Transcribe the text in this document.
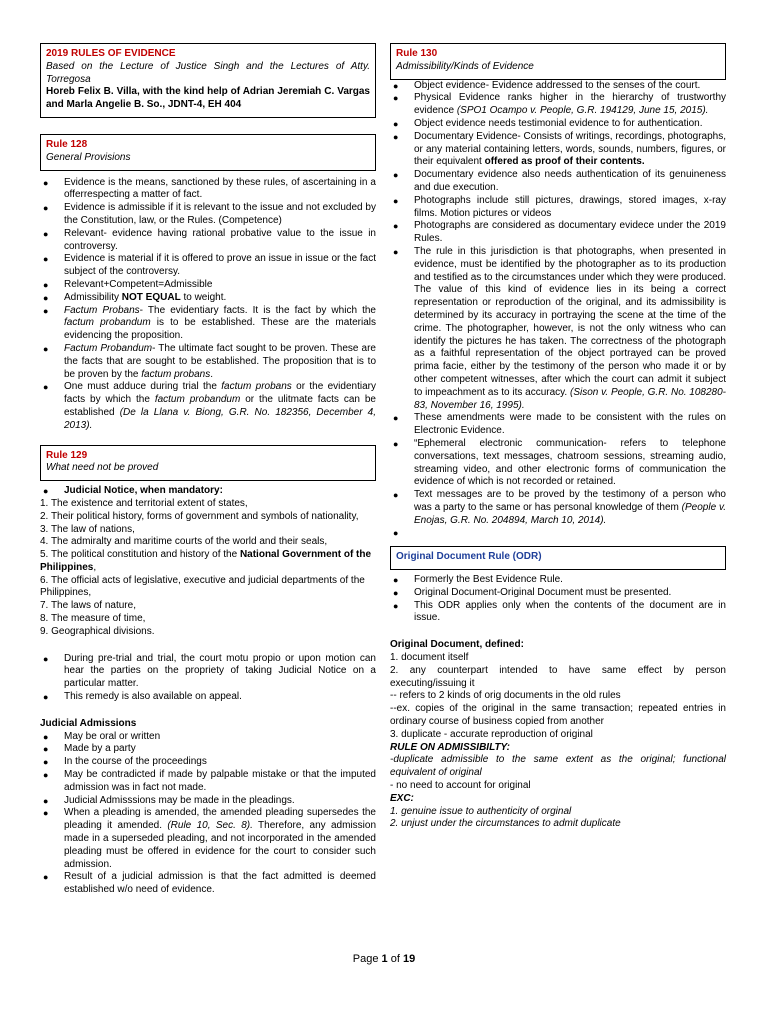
2019 RULES OF EVIDENCE

Based on the Lecture of Justice Singh and the Lectures of Atty. Torregosa

Horeb Felix B. Villa, with the kind help of Adrian Jeremiah C. Vargas and Marla Angelie B. So., JDNT-4, EH 404

Rule 128
General Provisions
● Evidence is the means, sanctioned by these rules, of ascertaining in a offerrespecting a matter of fact.
● Evidence is admissible if it is relevant to the issue and not excluded by the Constitution, law, or the Rules. (Competence)
● Relevant- evidence having rational probative value to the issue in controversy.
● Evidence is material if it is offered to prove an issue in issue or the fact subject of the controversy.
● Relevant+Competent=Admissible
● Admissibility NOT EQUAL to weight.
● Factum Probans- The evidentiary facts. It is the fact by which the factum probandum is to be established. These are the materials evidencing the proposition.
● Factum Probandum- The ultimate fact sought to be proven. These are the facts that are sought to be established. The proposition that is to be proven by the factum probans.
● One must adduce during trial the factum probans or the evidentiary facts by which the factum probandum or the ulitmate facts can be established (De la Llana v. Biong, G.R. No. 182356, December 4, 2013).
Rule 129
What need not be proved
● Judicial Notice, when mandatory:

1. The existence and territorial extent of states,

2. Their political history, forms of government and symbols of nationality,

3. The law of nations,

4. The admiralty and maritime courts of the world and their seals,

5. The political constitution and history of the National Government of the Philippines,

6. The official acts of legislative, executive and judicial departments of the Philippines,

7. The laws of nature,

8. The measure of time,

9. Geographical divisions.

● During pre-trial and trial, the court motu propio or upon motion can hear the parties on the propriety of taking Judicial Notice on a particular matter.
● This remedy is also available on appeal.
Judicial Admissions
● May be oral or written
● Made by a party
● In the course of the proceedings
● May be contradicted if made by palpable mistake or that the imputed admission was in fact not made.
● Judicial Admisssions may be made in the pleadings.
● When a pleading is amended, the amended pleading supersedes the pleading it amended. (Rule 10, Sec. 8). Therefore, any admission made in a superseded pleading, and not incorporated in the amended pleading must be offered in evidence for the court to consider such admission.
● Result of a judicial admission is that the fact admitted is deemed established w/o need of evidence.
Rule 130
Admissibility/Kinds of Evidence
● Object evidence- Evidence addressed to the senses of the court.
● Physical Evidence ranks higher in the hierarchy of trustworthy evidence (SPO1 Ocampo v. People, G.R. 194129, June 15, 2015).
● Object evidence needs testimonial evidence to for authentication.
● Documentary Evidence- Consists of writings, recordings, photographs, or any material containing letters, words, sounds, numbers, figures, or their equivalent offered as proof of their contents.
● Documentary evidence also needs authentication of its genuineness and due execution.
● Photographs include still pictures, drawings, stored images, x-ray films. Motion pictures or videos
● Photographs are considered as documentary evidece under the 2019 Rules.
● The rule in this jurisdiction is that photographs, when presented in evidence, must be identified by the photographer as to its production and testified as to the circumstances under which they were produced. The value of this kind of evidence lies in its being a correct representation or reproduction of the original, and its admissibility is determined by its accuracy in portraying the scene at the time of the crime. The photographer, however, is not the only witness who can identify the pictures he has taken. The correctness of the photograph as a faithful representation of the object portrayed can be proved prima facie, either by the testimony of the person who made it or by other competent witnesses, after which the court can admit it subject to impeachment as to its accuracy. (Sison v. People, G.R. No. 108280-83, November 16, 1995).
● These amendments were made to be consistent with the rules on Electronic Evidence.
● “Ephemeral electronic communication- refers to telephone conversations, text messages, chatroom sessions, streaming audio, streaming video, and other electronic forms of communication the evidence of which is not recorded or retained.
● Text messages are to be proved by the testimony of a person who was a party to the same or has personal knowledge of them (People v. Enojas, G.R. No. 204894, March 10, 2014).
●
Original Document Rule (ODR)
● Formerly the Best Evidence Rule.
● Original Document-Original Document must be presented.
● This ODR applies only when the contents of the document are in issue.

Original Document, defined:

1. document itself

2. any counterpart intended to have same effect by person executing/issuing it

-- refers to 2 kinds of orig documents in the old rules

--ex. copies of the original in the same transaction; repeated entries in ordinary course of business copied from another

3. duplicate - accurate reproduction of original

RULE ON ADMISSIBILTY:

-duplicate admissible to the same extent as the original; functional equivalent of original

- no need to account for original

EXC:

1. genuine issue to authenticity of orginal

2. unjust under the circumstances to admit duplicate

Page 1 of 19
